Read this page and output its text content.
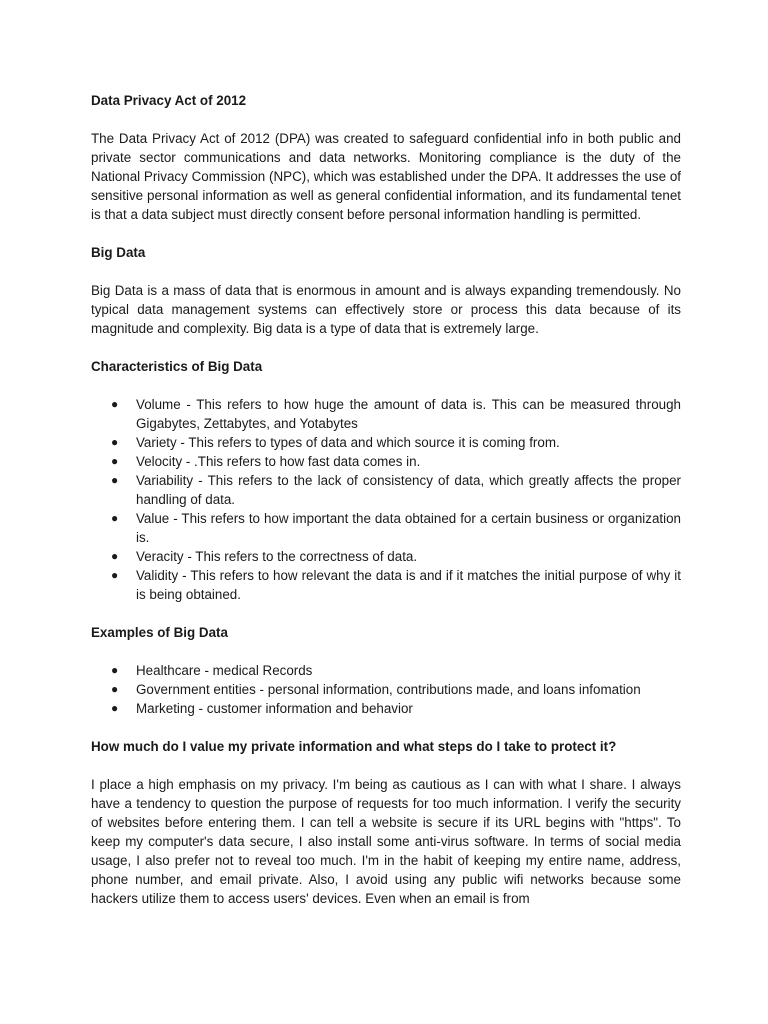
Data Privacy Act of 2012
The Data Privacy Act of 2012 (DPA) was created to safeguard confidential info in both public and private sector communications and data networks. Monitoring compliance is the duty of the National Privacy Commission (NPC), which was established under the DPA. It addresses the use of sensitive personal information as well as general confidential information, and its fundamental tenet is that a data subject must directly consent before personal information handling is permitted.
Big Data
Big Data is a mass of data that is enormous in amount and is always expanding tremendously. No typical data management systems can effectively store or process this data because of its magnitude and complexity. Big data is a type of data that is extremely large.
Characteristics of Big Data
● Volume - This refers to how huge the amount of data is. This can be measured through Gigabytes, Zettabytes, and Yotabytes
● Variety - This refers to types of data and which source it is coming from.
● Velocity - .This refers to how fast data comes in.
● Variability - This refers to the lack of consistency of data, which greatly affects the proper handling of data.
● Value - This refers to how important the data obtained for a certain business or organization is.
● Veracity - This refers to the correctness of data.
● Validity - This refers to how relevant the data is and if it matches the initial purpose of why it is being obtained.
Examples of Big Data
● Healthcare - medical Records
● Government entities - personal information, contributions made, and loans infomation
● Marketing - customer information and behavior
How much do I value my private information and what steps do I take to protect it?
I place a high emphasis on my privacy. I'm being as cautious as I can with what I share. I always have a tendency to question the purpose of requests for too much information. I verify the security of websites before entering them. I can tell a website is secure if its URL begins with "https". To keep my computer's data secure, I also install some anti-virus software. In terms of social media usage, I also prefer not to reveal too much. I'm in the habit of keeping my entire name, address, phone number, and email private. Also, I avoid using any public wifi networks because some hackers utilize them to access users' devices. Even when an email is from
